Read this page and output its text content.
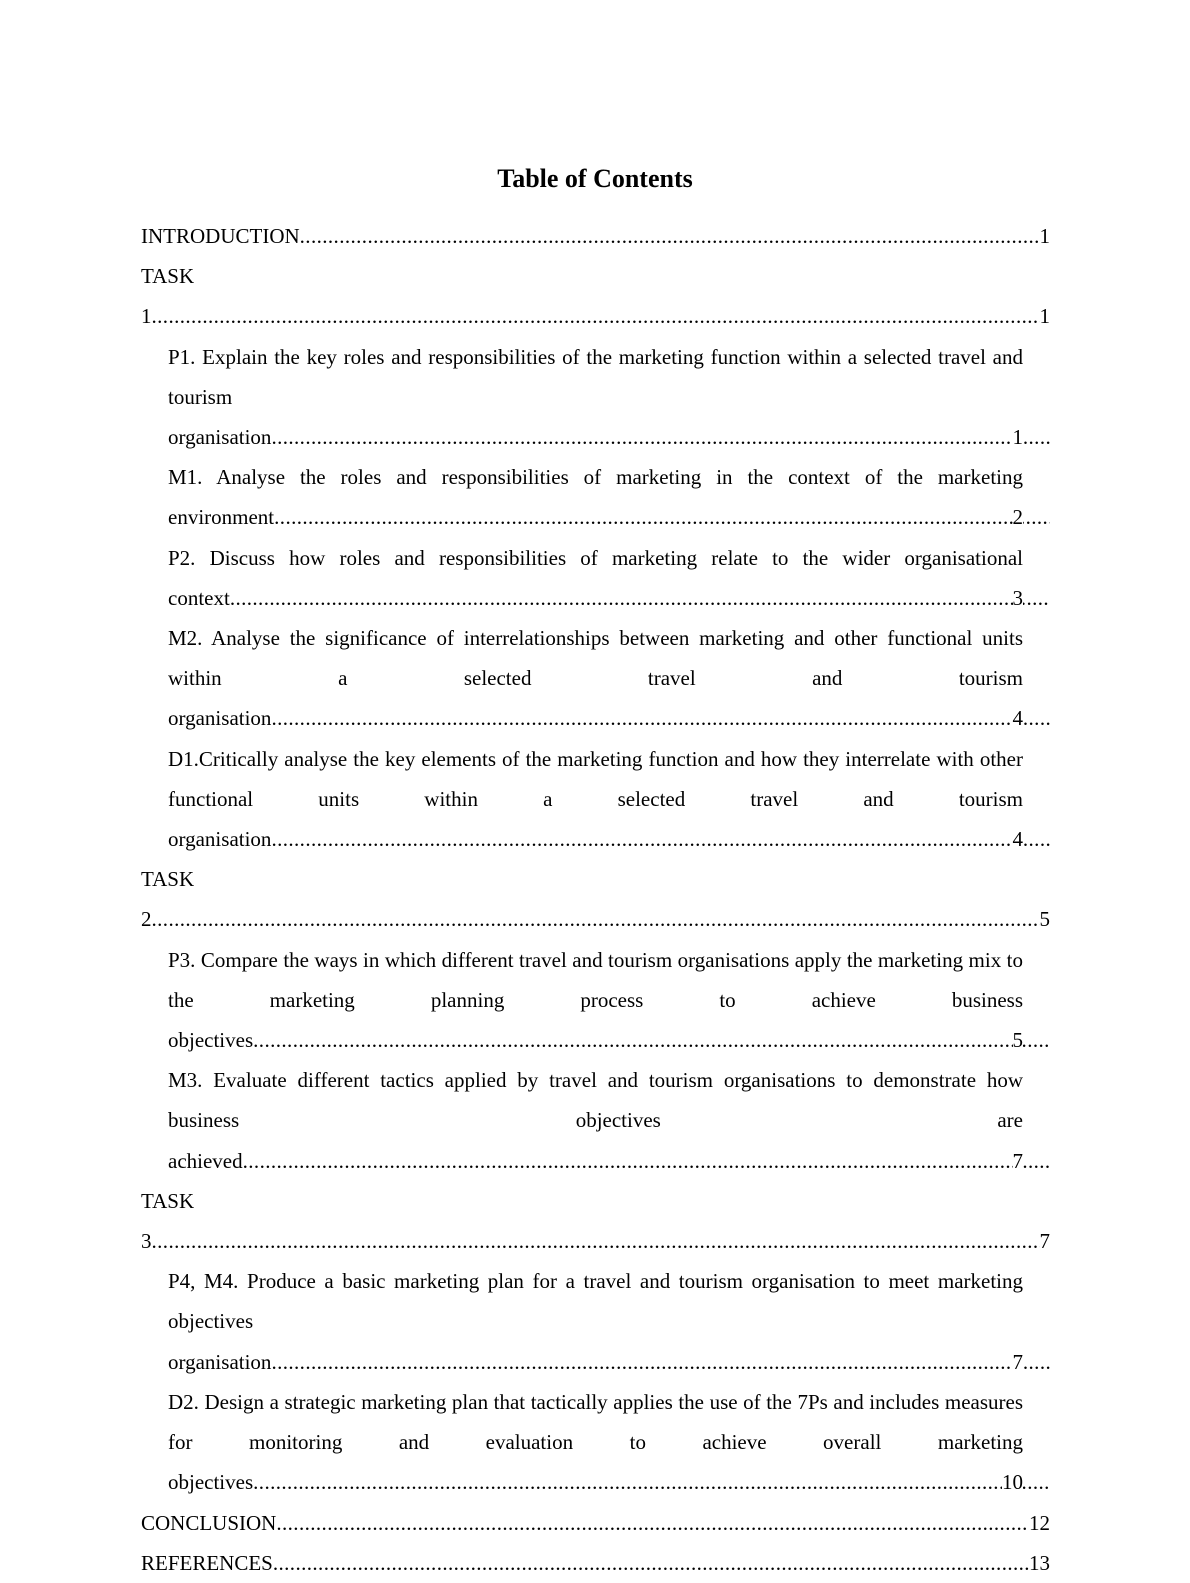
Table of Contents
INTRODUCTION .....	1
TASK 1 .....	1
P1. Explain the key roles and responsibilities of the marketing function within a selected travel and tourism organisation .....	1
M1. Analyse the roles and responsibilities of marketing in the context of the marketing environment .....	2
P2. Discuss how roles and responsibilities of marketing relate to the wider organisational context .....	3
M2. Analyse the significance of interrelationships between marketing and other functional units within a selected travel and tourism organisation .....	4
D1.Critically analyse the key elements of the marketing function and how they interrelate with other functional units within a selected travel and tourism organisation .....	4
TASK 2 .....	5
P3. Compare the ways in which different travel and tourism organisations apply the marketing mix to the marketing planning process to achieve business objectives .....	5
M3. Evaluate different tactics applied by travel and tourism organisations to demonstrate how business objectives are achieved .....	7
TASK 3 .....	7
P4, M4. Produce a basic marketing plan for a travel and tourism organisation to meet marketing objectives organisation .....	7
D2. Design a strategic marketing plan that tactically applies the use of the 7Ps and includes measures for monitoring and evaluation to achieve overall marketing objectives .....	10
CONCLUSION .....	12
REFERENCES .....	13
